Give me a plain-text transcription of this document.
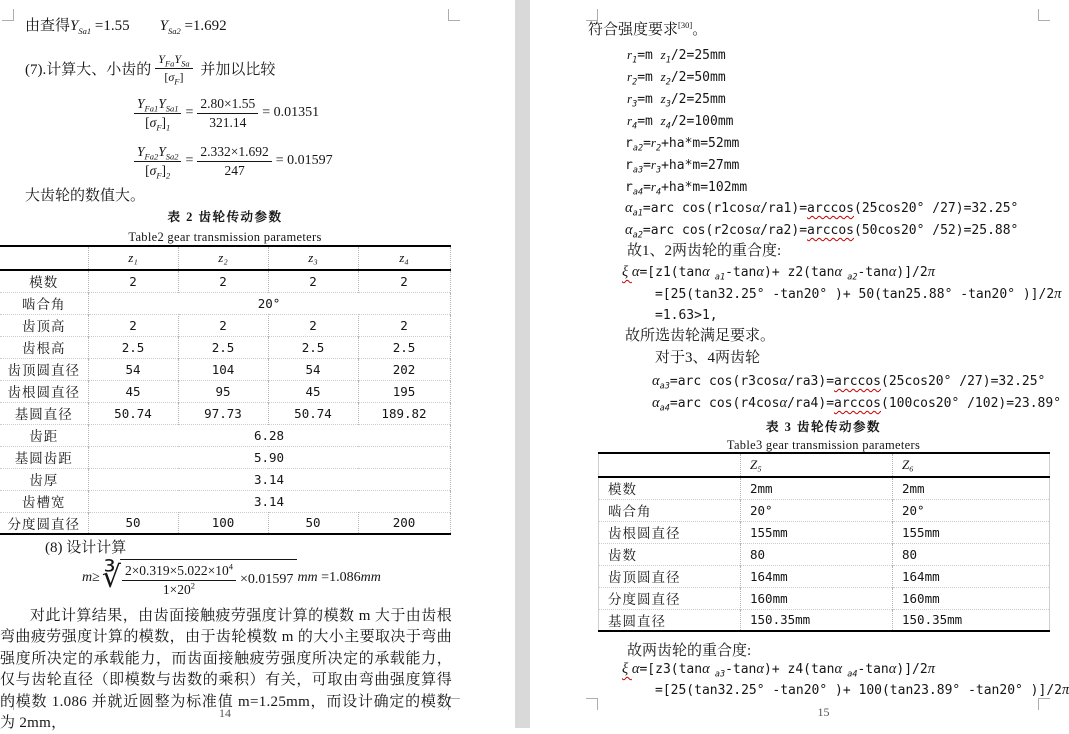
由查得$Y_{Sa1} =1.55$　　 $Y_{Sa2} =1.692$
(7).计算大、小齿的 $\frac{Y_{Fa}Y_{Sa}}{[\sigma_F]}$ 并加以比较
$\frac{Y_{Fa1}Y_{Sa1}}{[\sigma_F]_1} = \frac{2.80\times 1.55}{321.14} = 0.01351$
$\frac{Y_{Fa2}Y_{Sa2}}{[\sigma_F]_2} = \frac{2.332\times 1.692}{247} = 0.01597$
大齿轮的数值大。
表 2 齿轮传动参数
Table2 gear transmission parameters
	z₁	z₂	z₃	z₄
模数	2	2	2	2
啮合角	20°			
齿顶高	2	2	2	2
齿根高	2.5	2.5	2.5	2.5
齿顶圆直径	54	104	54	202
齿根圆直径	45	95	45	195
基圆直径	50.74	97.73	50.74	189.82
齿距	6.28			
基圆齿距	5.90			
齿厚	3.14			
齿槽宽	3.14			
分度圆直径	50	100	50	200
(8) 设计计算
m≥ ∛ $\frac{2\times 0.319\times 5.022\times 10^4}{1\times 20^2} \times 0.01597$ mm =1.086mm
对此计算结果，由齿面接触疲劳强度计算的模数 m 大于由齿根弯曲疲劳强度计算的模数，由于齿轮模数 m 的大小主要取决于弯曲强度所决定的承载能力，而齿面接触疲劳强度所决定的承载能力，仅与齿轮直径（即模数与齿数的乘积）有关，可取由弯曲强度算得的模数 1.086 并就近圆整为标准值 m=1.25mm，而设计确定的模数为 2mm，
14
符合强度要求[30]。
$r_1=m$ $z_1/2=25mm$
$r_2=m$ $z_2/2=50mm$
$r_3=m$ $z_3/2=25mm$
$r_4=m$ $z_4/2=100mm$
$r_{a2}=r_2+ha*m=52mm$
$r_{a3}=r_3+ha*m=27mm$
$r_{a4}=r_4+ha*m=102mm$
$\alpha_{a1}=arc$ cos(r1cosα/ra1)=arccos(25cos20° /27)=32.25°
$\alpha_{a2}=arc$ cos(r2cosα/ra2)=arccos(50cos20° /52)=25.88°
故1、2两齿轮的重合度:
ξ α=[z1(tanα $_{a1}$-tanα)+ z2(tanα $_{a2}$-tanα)]/2π
=[25(tan32.25° -tan20° )+ 50(tan25.88° -tan20° )]/2π
=1.63>1,
故所选齿轮满足要求。
对于3、4两齿轮
$\alpha_{a3}=arc$ cos(r3cosα/ra3)=arccos(25cos20° /27)=32.25°
$\alpha_{a4}=arc$ cos(r4cosα/ra4)=arccos(100cos20° /102)=23.89°
表 3 齿轮传动参数
Table3 gear transmission parameters
	Z₅	Z₆
模数	2mm	2mm
啮合角	20°	20°
齿根圆直径	155mm	155mm
齿数	80	80
齿顶圆直径	164mm	164mm
分度圆直径	160mm	160mm
基圆直径	150.35mm	150.35mm
故两齿轮的重合度:
ξ α=[z3(tanα $_{a3}$-tanα)+ z4(tanα $_{a4}$-tanα)]/2π
=[25(tan32.25° -tan20° )+ 100(tan23.89° -tan20° )]/2π
15
